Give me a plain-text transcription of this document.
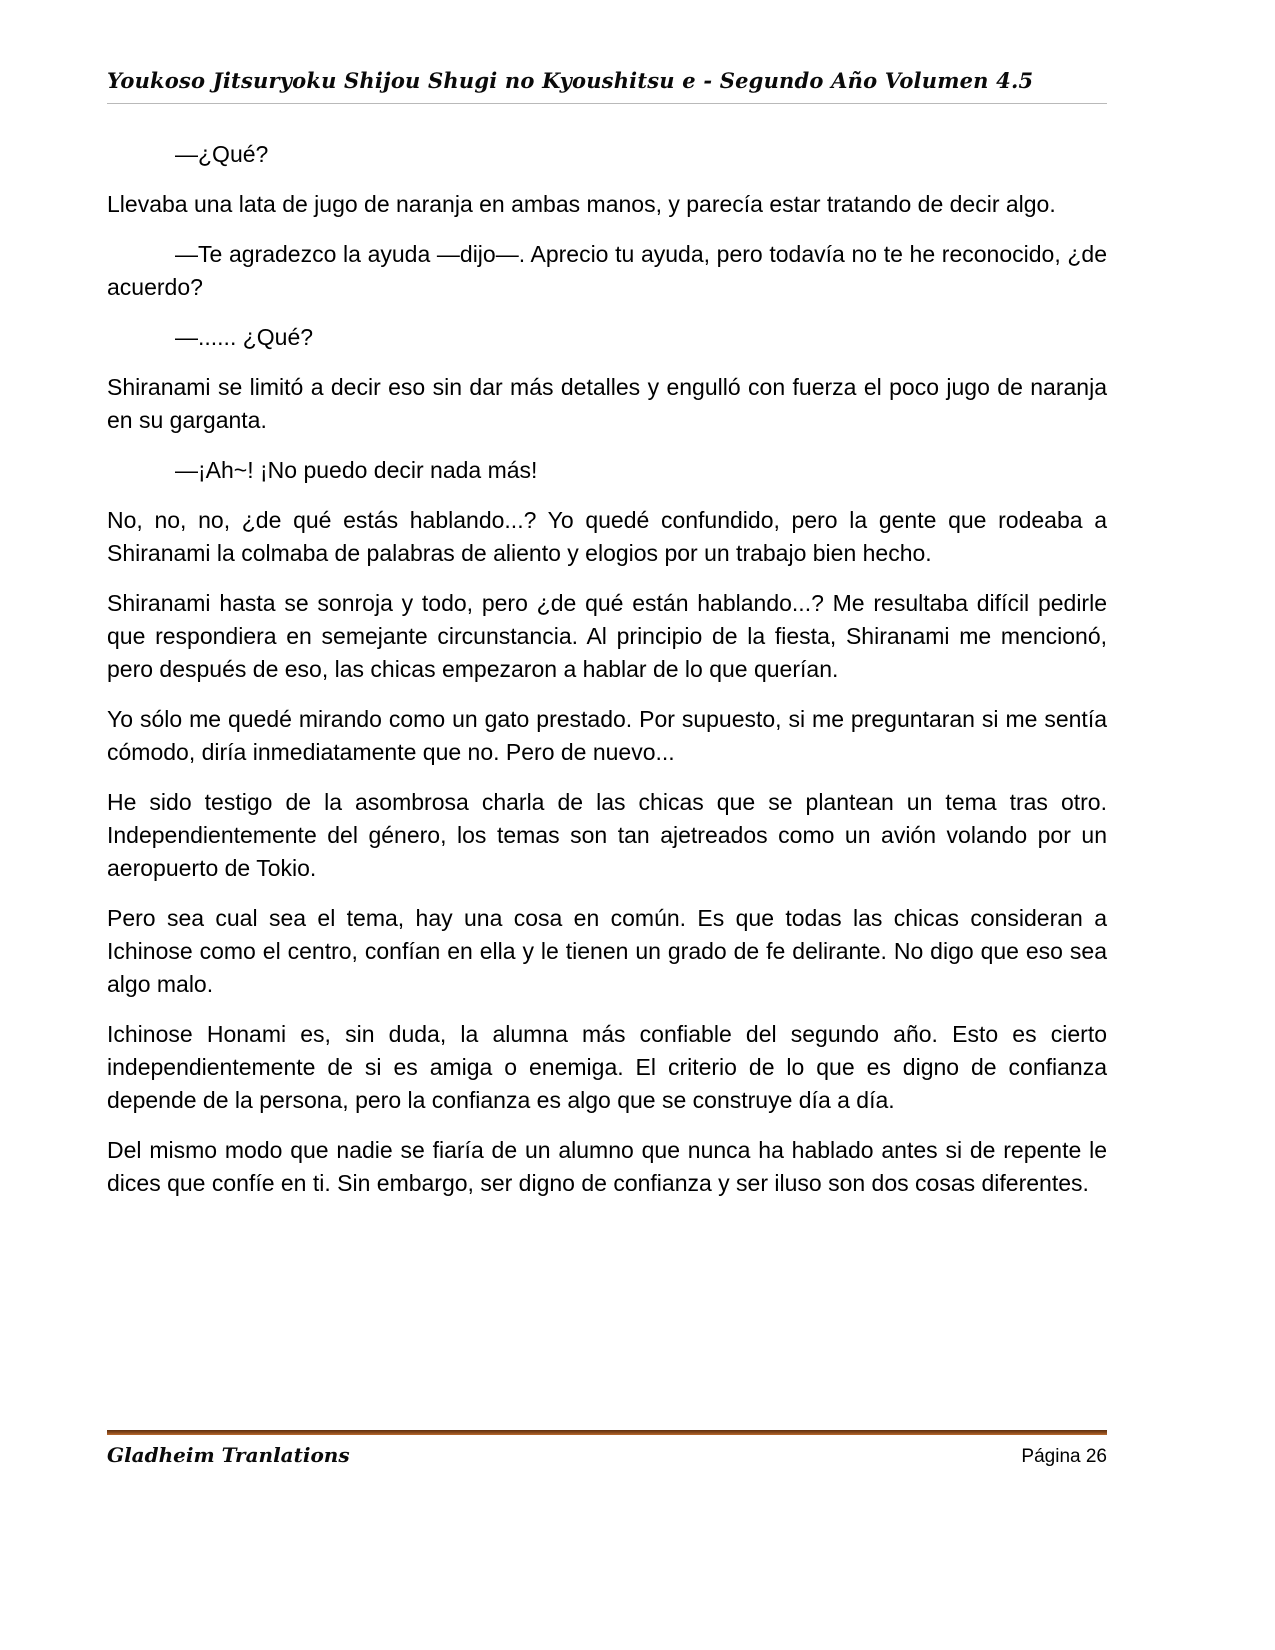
Youkoso Jitsuryoku Shijou Shugi no Kyoushitsu e - Segundo Año Volumen 4.5

—¿Qué?

Llevaba una lata de jugo de naranja en ambas manos, y parecía estar tratando de decir algo.

—Te agradezco la ayuda —dijo—. Aprecio tu ayuda, pero todavía no te he reconocido, ¿de acuerdo?

—...... ¿Qué?

Shiranami se limitó a decir eso sin dar más detalles y engulló con fuerza el poco jugo de naranja en su garganta.

—¡Ah~! ¡No puedo decir nada más!

No, no, no, ¿de qué estás hablando...? Yo quedé confundido, pero la gente que rodeaba a Shiranami la colmaba de palabras de aliento y elogios por un trabajo bien hecho.

Shiranami hasta se sonroja y todo, pero ¿de qué están hablando...? Me resultaba difícil pedirle que respondiera en semejante circunstancia. Al principio de la fiesta, Shiranami me mencionó, pero después de eso, las chicas empezaron a hablar de lo que querían.

Yo sólo me quedé mirando como un gato prestado. Por supuesto, si me preguntaran si me sentía cómodo, diría inmediatamente que no. Pero de nuevo...

He sido testigo de la asombrosa charla de las chicas que se plantean un tema tras otro. Independientemente del género, los temas son tan ajetreados como un avión volando por un aeropuerto de Tokio.

Pero sea cual sea el tema, hay una cosa en común. Es que todas las chicas consideran a Ichinose como el centro, confían en ella y le tienen un grado de fe delirante. No digo que eso sea algo malo.

Ichinose Honami es, sin duda, la alumna más confiable del segundo año. Esto es cierto independientemente de si es amiga o enemiga. El criterio de lo que es digno de confianza depende de la persona, pero la confianza es algo que se construye día a día.

Del mismo modo que nadie se fiaría de un alumno que nunca ha hablado antes si de repente le dices que confíe en ti. Sin embargo, ser digno de confianza y ser iluso son dos cosas diferentes.

Gladheim Tranlations	Página 26
